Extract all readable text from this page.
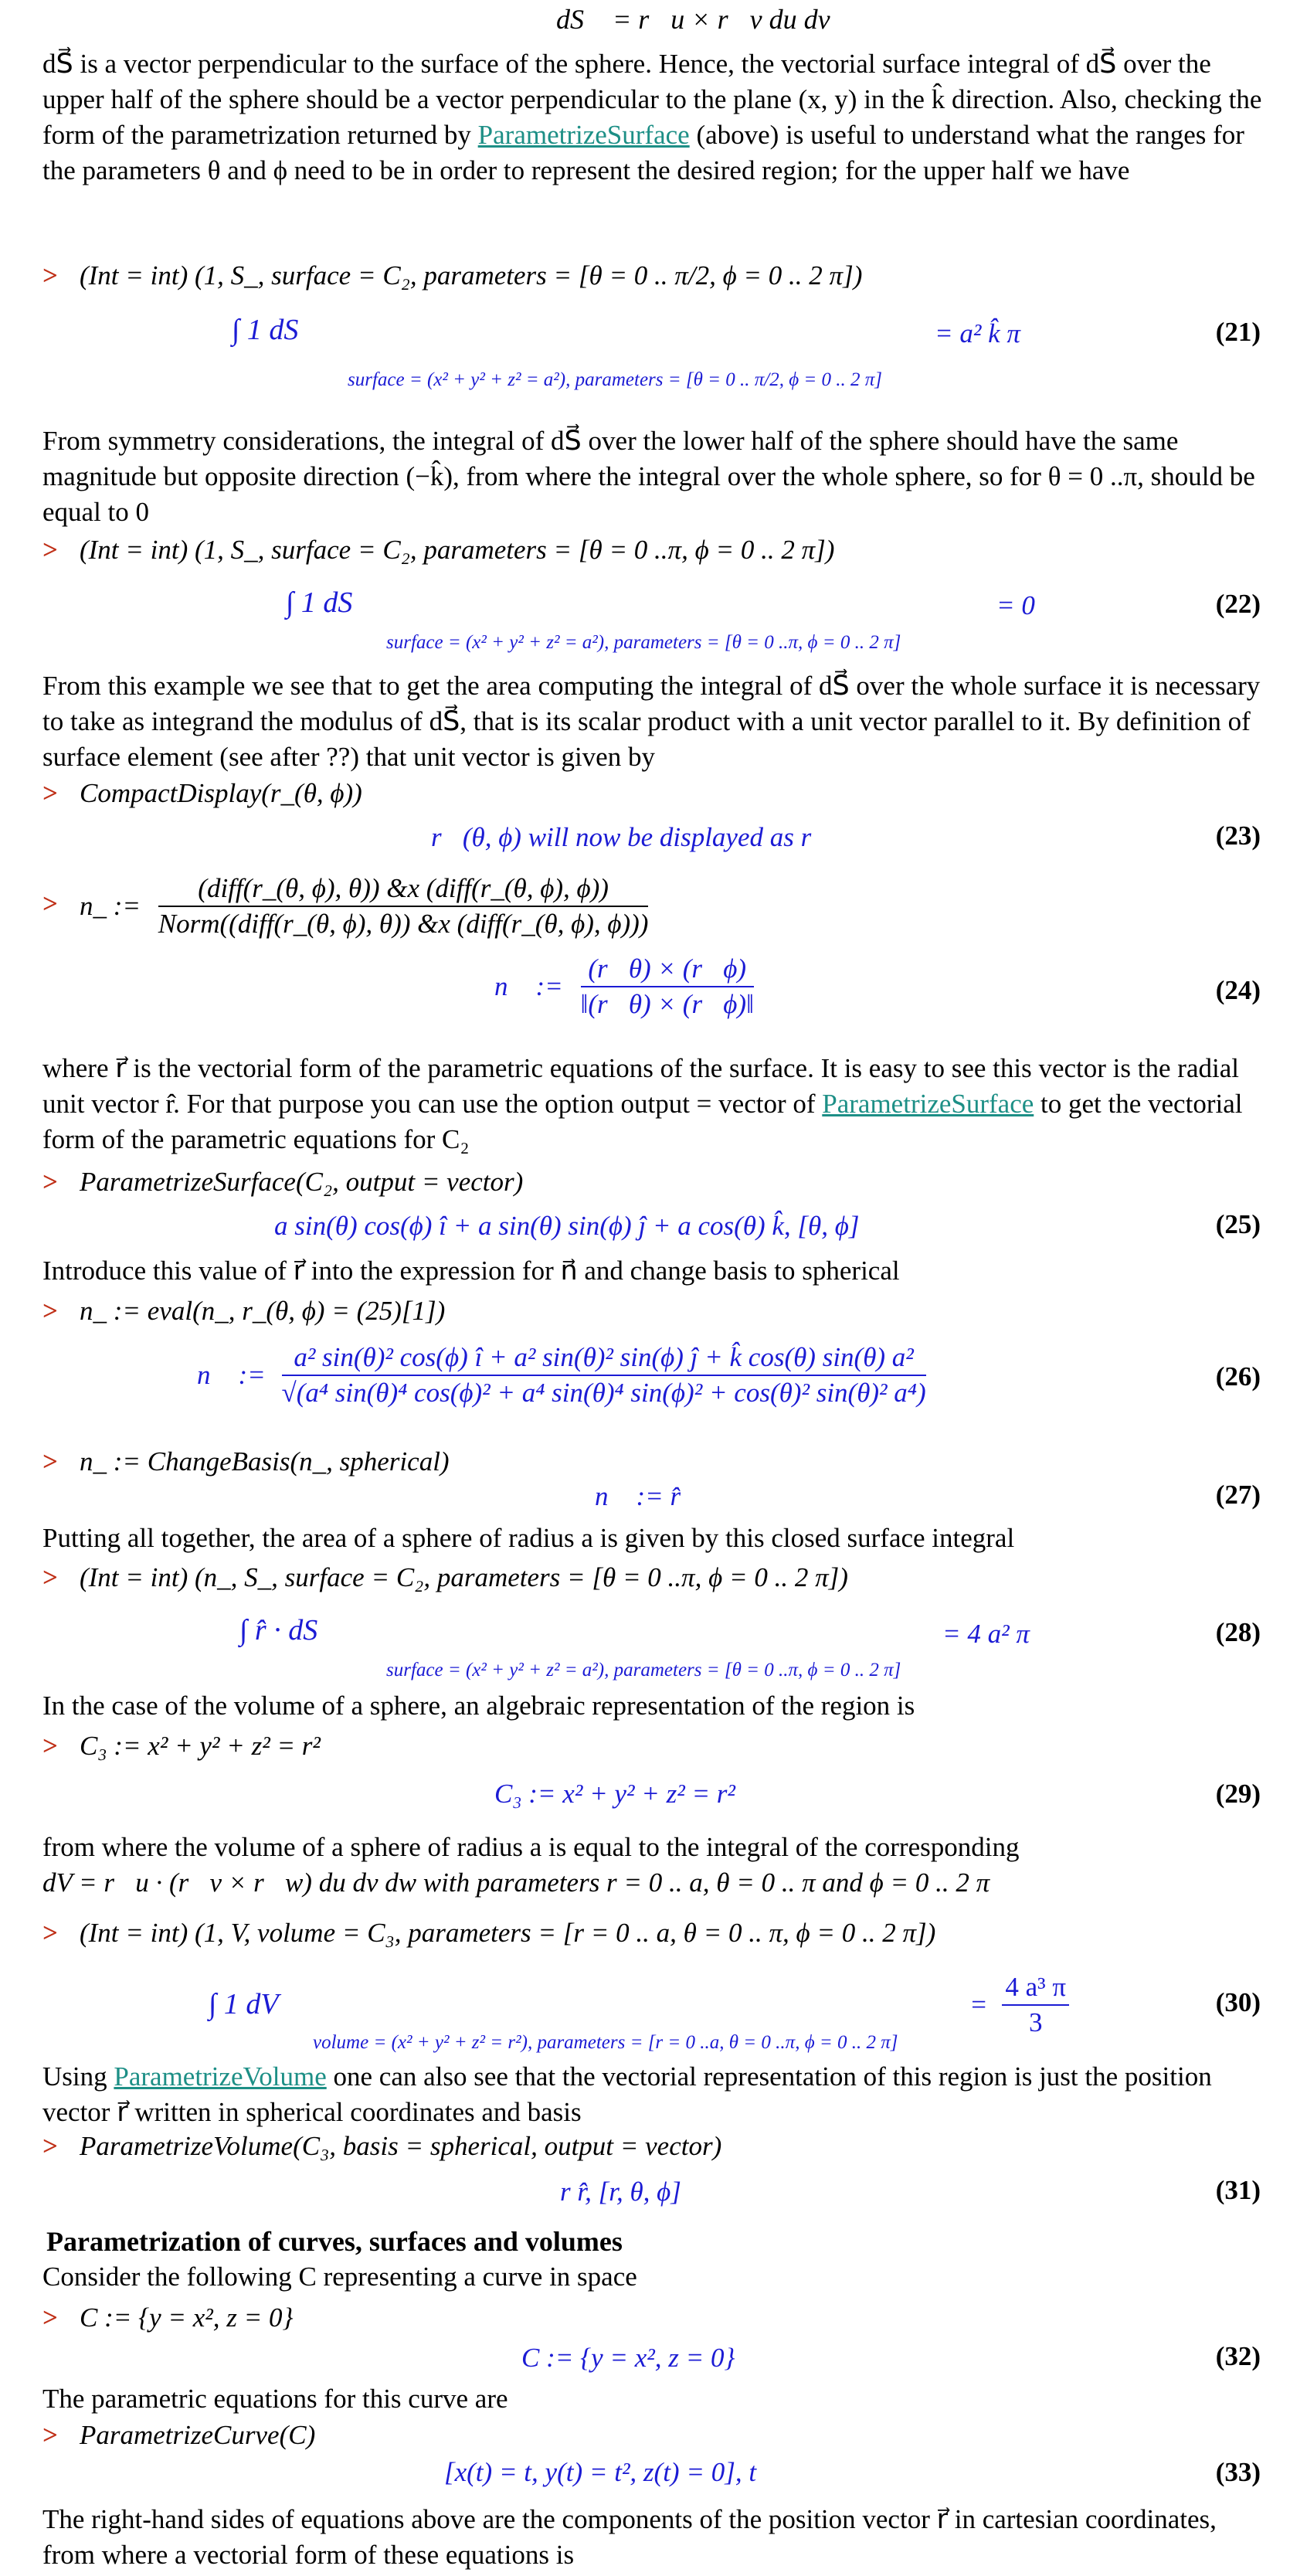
dS⃗ = r⃗u × r⃗v du dv
dS⃗ is a vector perpendicular to the surface of the sphere. Hence, the vectorial surface integral of dS⃗ over the upper half of the sphere should be a vector perpendicular to the plane (x, y) in the k̂ direction. Also, checking the form of the parametrization returned by ParametrizeSurface (above) is useful to understand what the ranges for the parameters θ and ϕ need to be in order to represent the desired region; for the upper half we have
> (Int = int) (1, S_, surface = C₂, parameters = [θ = 0 .. π/2, ϕ = 0 .. 2 π])
∫ 1 dS⃗
surface = (x² + y² + z² = a²), parameters = [θ = 0 .. π/2, ϕ = 0 .. 2 π]
= a² k̂ π	(21)
From symmetry considerations, the integral of dS⃗ over the lower half of the sphere should have the same magnitude but opposite direction (−k̂), from where the integral over the whole sphere, so for θ = 0 ..π, should be equal to 0
> (Int = int) (1, S_, surface = C₂, parameters = [θ = 0 ..π, ϕ = 0 .. 2 π])
∫ 1 dS⃗
surface = (x² + y² + z² = a²), parameters = [θ = 0 ..π, ϕ = 0 .. 2 π]
= 0	(22)
From this example we see that to get the area computing the integral of dS⃗ over the whole surface it is necessary to take as integrand the modulus of dS⃗, that is its scalar product with a unit vector parallel to it. By definition of surface element (see after ??) that unit vector is given by
> CompactDisplay(r_(θ, ϕ))
r⃗(θ, ϕ) will now be displayed as r⃗	(23)
> n_ := $\frac{\text{(diff(r\_(θ, ϕ), θ)) \&x (diff(r\_(θ, ϕ), ϕ))}}{\text{Norm((diff(r\_(θ, ϕ), θ)) \&x (diff(r\_(θ, ϕ), ϕ)))}}$
n⃗ := $\frac{(r⃗\theta) \times (r⃗\phi)}{‖(r⃗\theta) \times (r⃗\phi)‖}$	(24)
where r⃗ is the vectorial form of the parametric equations of the surface. It is easy to see this vector is the radial unit vector r̂. For that purpose you can use the option output = vector of ParametrizeSurface to get the vectorial form of the parametric equations for C₂
> ParametrizeSurface(C₂, output = vector)
a sin(θ) cos(ϕ) î + a sin(θ) sin(ϕ) ĵ + a cos(θ) k̂, [θ, ϕ]	(25)
Introduce this value of r⃗ into the expression for n⃗ and change basis to spherical
> n_ := eval(n_, r_(θ, ϕ) = (25)[1])
n⃗ :=
a² sin(θ)² cos(ϕ) î + a² sin(θ)² sin(ϕ) ĵ + k̂ cos(θ) sin(θ) a²
√(a⁴ sin(θ)⁴ cos(ϕ)² + a⁴ sin(θ)⁴ sin(ϕ)² + cos(θ)² sin(θ)² a⁴)
(26)
> n_ := ChangeBasis(n_, spherical)
n⃗ := r̂	(27)
Putting all together, the area of a sphere of radius a is given by this closed surface integral
> (Int = int) (n_, S_, surface = C₂, parameters = [θ = 0 ..π, ϕ = 0 .. 2 π])
∫ r̂ · dS⃗
surface = (x² + y² + z² = a²), parameters = [θ = 0 ..π, ϕ = 0 .. 2 π]
= 4 a² π	(28)
In the case of the volume of a sphere, an algebraic representation of the region is
> C₃ := x² + y² + z² = r²
C₃ := x² + y² + z² = r²	(29)
from where the volume of a sphere of radius a is equal to the integral of the corresponding
dV = r⃗u · (r⃗v × r⃗w) du dv dw with parameters r = 0 .. a, θ = 0 .. π and ϕ = 0 .. 2 π
> (Int = int) (1, V, volume = C₃, parameters = [r = 0 .. a, θ = 0 .. π, ϕ = 0 .. 2 π])
∫ 1 dV
volume = (x² + y² + z² = r²), parameters = [r = 0 ..a, θ = 0 ..π, ϕ = 0 .. 2 π]
= $\frac{\text{4 a³ π}}{3}$	(30)
Using ParametrizeVolume one can also see that the vectorial representation of this region is just the position vector r⃗ written in spherical coordinates and basis
> ParametrizeVolume(C₃, basis = spherical, output = vector)
r r̂, [r, θ, ϕ]	(31)
Parametrization of curves, surfaces and volumes
Consider the following C representing a curve in space
> C := {y = x², z = 0}
C := {y = x², z = 0}	(32)
The parametric equations for this curve are
> ParametrizeCurve(C)
[x(t) = t, y(t) = t², z(t) = 0], t	(33)
The right-hand sides of equations above are the components of the position vector r⃗ in cartesian coordinates, from where a vectorial form of these equations is
